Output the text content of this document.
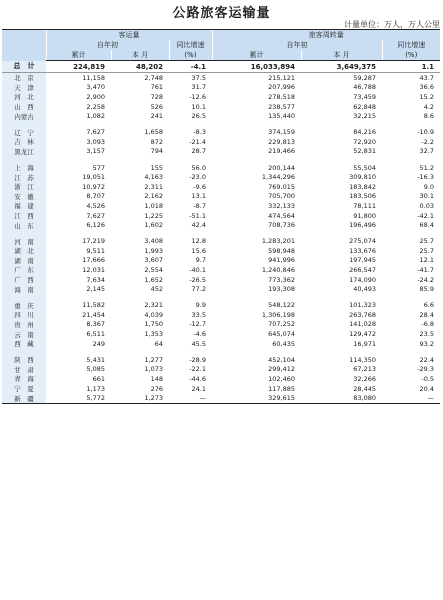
公路旅客运输量
计量单位：万人，万人公里
	客运量			旅客周转量		
	自年初		同比增速	自年初		同比增速
	累计	本 月	(%)	累计	本 月	(%)
总　计	224,819	48,202	-4.1	16,033,894	3,649,375	1.1
北　京	11,158	2,748	37.5	215,121	59,287	43.7
天　津	3,470	761	31.7	207,996	46,788	36.6
河　北	2,900	728	-12.6	278,518	73,459	15.2
山　西	2,258	526	10.1	238,577	62,848	4.2
内蒙古	1,082	241	26.5	135,440	32,215	8.6

辽　宁	7,627	1,658	-8.3	374,159	84,216	-10.9
吉　林	3,093	872	-21.4	229,813	72,920	-2.2
黑龙江	3,157	794	28.7	219,466	52,831	32.7

上　海	577	155	56.0	200,144	55,504	51.2
江　苏	19,051	4,163	-23.0	1,344,296	309,810	-16.3
浙　江	10,972	2,311	-9.6	769,015	183,842	9.0
安　徽	8,707	2,162	13.1	705,700	183,506	30.1
福　建	4,526	1,018	-8.7	332,133	78,111	0.03
江　西	7,627	1,225	-51.1	474,564	91,800	-42.1
山　东	6,126	1,602	42.4	708,736	196,496	68.4

河　南	17,219	3,408	12.8	1,283,201	275,074	25.7
湖　北	9,511	1,993	15.6	598,948	133,676	25.7
湖　南	17,666	3,607	9.7	941,996	197,945	12.1
广　东	12,031	2,554	-40.1	1,240,846	266,547	-41.7
广　西	7,634	1,652	-26.5	773,362	174,090	-24.2
海　南	2,145	452	77.2	193,308	40,493	85.9

重　庆	11,582	2,321	9.9	548,122	101,323	6.6
四　川	21,454	4,039	33.5	1,306,198	263,768	28.4
贵　州	8,367	1,750	-12.7	707,252	141,028	-6.8
云　南	6,511	1,353	-4.6	645,074	129,472	23.5
西　藏	249	64	45.5	60,435	16,971	93.2

陕　西	5,431	1,277	-28.9	452,104	114,350	22.4
甘　肃	5,085	1,073	-22.1	299,412	67,213	-29.3
青　海	661	148	-44.6	102,460	32,266	-0.5
宁　夏	1,173	276	24.1	117,885	28,445	20.4
新　疆	5,772	1,273	—	329,615	83,080	—
